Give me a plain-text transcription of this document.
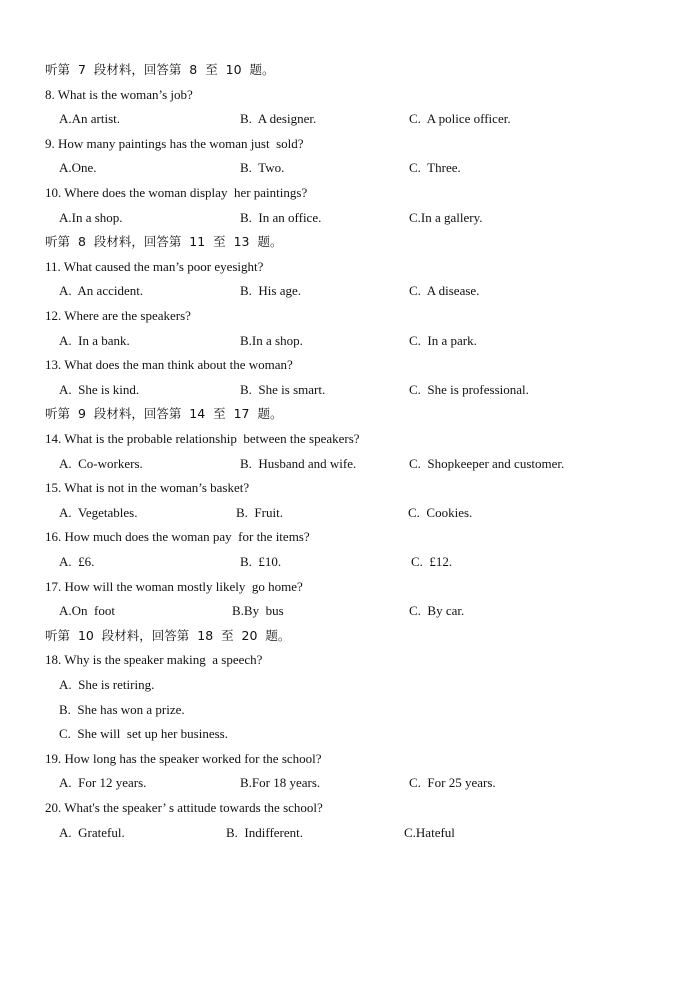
听第  7  段材料，回答第  8  至  10  题。
8. What is the woman’s job?
A.An artist.	B.  A designer.	C.  A police officer.
9. How many paintings has the woman just  sold?
A.One.	B.  Two.	C.  Three.
10. Where does the woman display  her paintings?
A.In a shop.	B.  In an office.	C.In a gallery.
听第  8  段材料，回答第  11  至  13  题。
11. What caused the man’s poor eyesight?
A.  An accident.	B.  His age.	C.  A disease.
12. Where are the speakers?
A.  In a bank.	B.In a shop.	C.  In a park.
13. What does the man think about the woman?
A.  She is kind.	B.  She is smart.	C.  She is professional.
听第  9  段材料，回答第  14  至  17  题。
14. What is the probable relationship  between the speakers?
A.  Co-workers.	B.  Husband and wife.	C.  Shopkeeper and customer.
15. What is not in the woman’s basket?
A.  Vegetables.	B.  Fruit.	C.  Cookies.
16. How much does the woman pay  for the items?
A.  £6.	B.  £10.	C.  £12.
17. How will the woman mostly likely  go home?
A.On  foot	B.By  bus	C.  By car.
听第  10  段材料，回答第  18  至  20  题。
18. Why is the speaker making  a speech?
A.  She is retiring.
B.  She has won a prize.
C.  She will  set up her business.
19. How long has the speaker worked for the school?
A.  For 12 years.	B.For 18 years.	C.  For 25 years.
20. What's the speaker’ s attitude towards the school?
A.  Grateful.	B.  Indifferent.	C.Hateful
